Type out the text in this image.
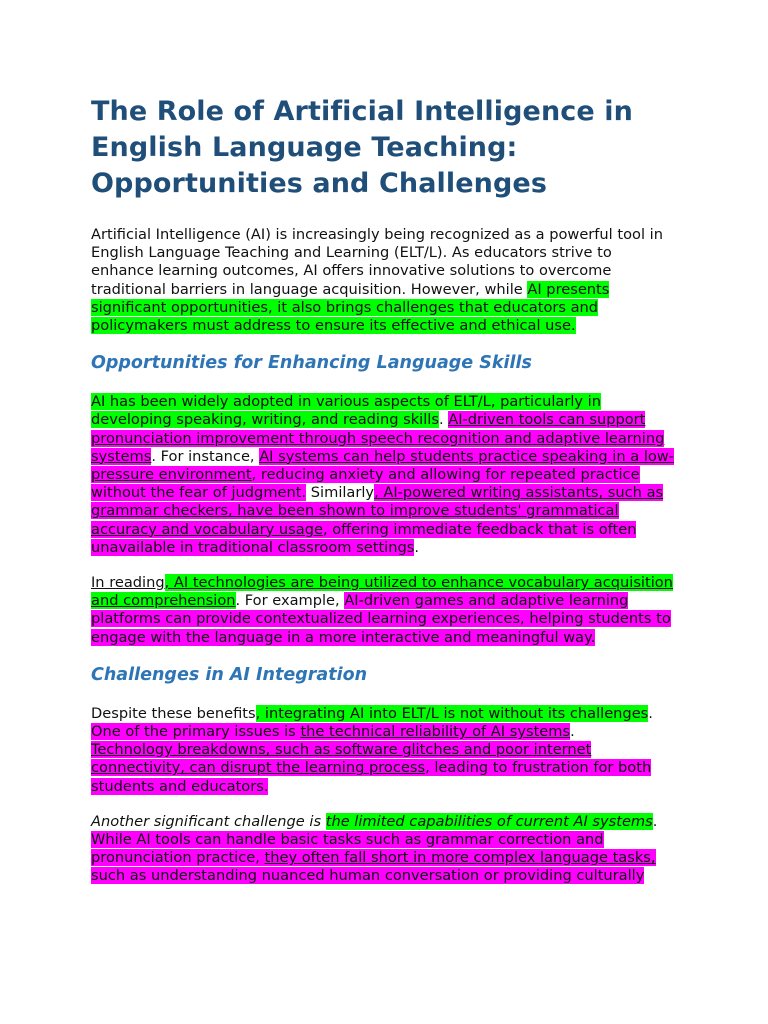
The Role of Artificial Intelligence in English Language Teaching: Opportunities and Challenges

Artificial Intelligence (AI) is increasingly being recognized as a powerful tool in English Language Teaching and Learning (ELT/L). As educators strive to enhance learning outcomes, AI offers innovative solutions to overcome traditional barriers in language acquisition. However, while AI presents significant opportunities, it also brings challenges that educators and policymakers must address to ensure its effective and ethical use.

Opportunities for Enhancing Language Skills

AI has been widely adopted in various aspects of ELT/L, particularly in developing speaking, writing, and reading skills. AI-driven tools can support pronunciation improvement through speech recognition and adaptive learning systems. For instance, AI systems can help students practice speaking in a low-pressure environment, reducing anxiety and allowing for repeated practice without the fear of judgment. Similarly, AI-powered writing assistants, such as grammar checkers, have been shown to improve students' grammatical accuracy and vocabulary usage, offering immediate feedback that is often unavailable in traditional classroom settings.

In reading, AI technologies are being utilized to enhance vocabulary acquisition and comprehension. For example, AI-driven games and adaptive learning platforms can provide contextualized learning experiences, helping students to engage with the language in a more interactive and meaningful way.

Challenges in AI Integration

Despite these benefits, integrating AI into ELT/L is not without its challenges.
One of the primary issues is the technical reliability of AI systems.
Technology breakdowns, such as software glitches and poor internet connectivity, can disrupt the learning process, leading to frustration for both students and educators.

Another significant challenge is the limited capabilities of current AI systems.
While AI tools can handle basic tasks such as grammar correction and pronunciation practice, they often fall short in more complex language tasks, such as understanding nuanced human conversation or providing culturally
